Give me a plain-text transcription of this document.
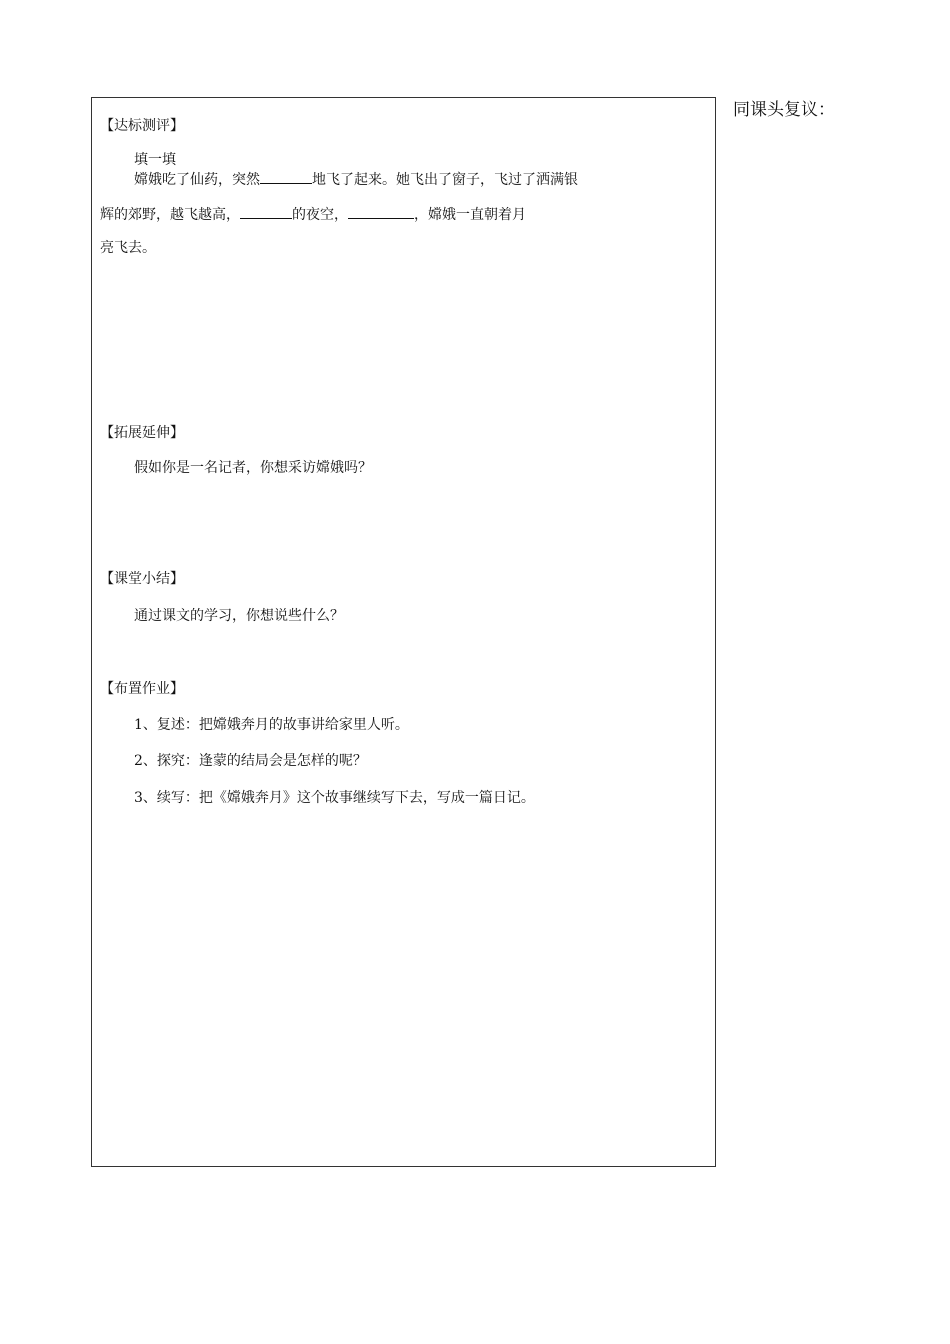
同课头复议：
【达标测评】
填一填
嫦娥吃了仙药，突然	地飞了起来。她飞出了窗子，飞过了洒满银
辉的郊野，越飞越高，	的夜空，	，嫦娥一直朝着月
亮飞去。
【拓展延伸】
假如你是一名记者，你想采访嫦娥吗？
【课堂小结】
通过课文的学习，你想说些什么？
【布置作业】
1、复述：把嫦娥奔月的故事讲给家里人听。
2、探究：逢蒙的结局会是怎样的呢？
3、续写：把《嫦娥奔月》这个故事继续写下去，写成一篇日记。
